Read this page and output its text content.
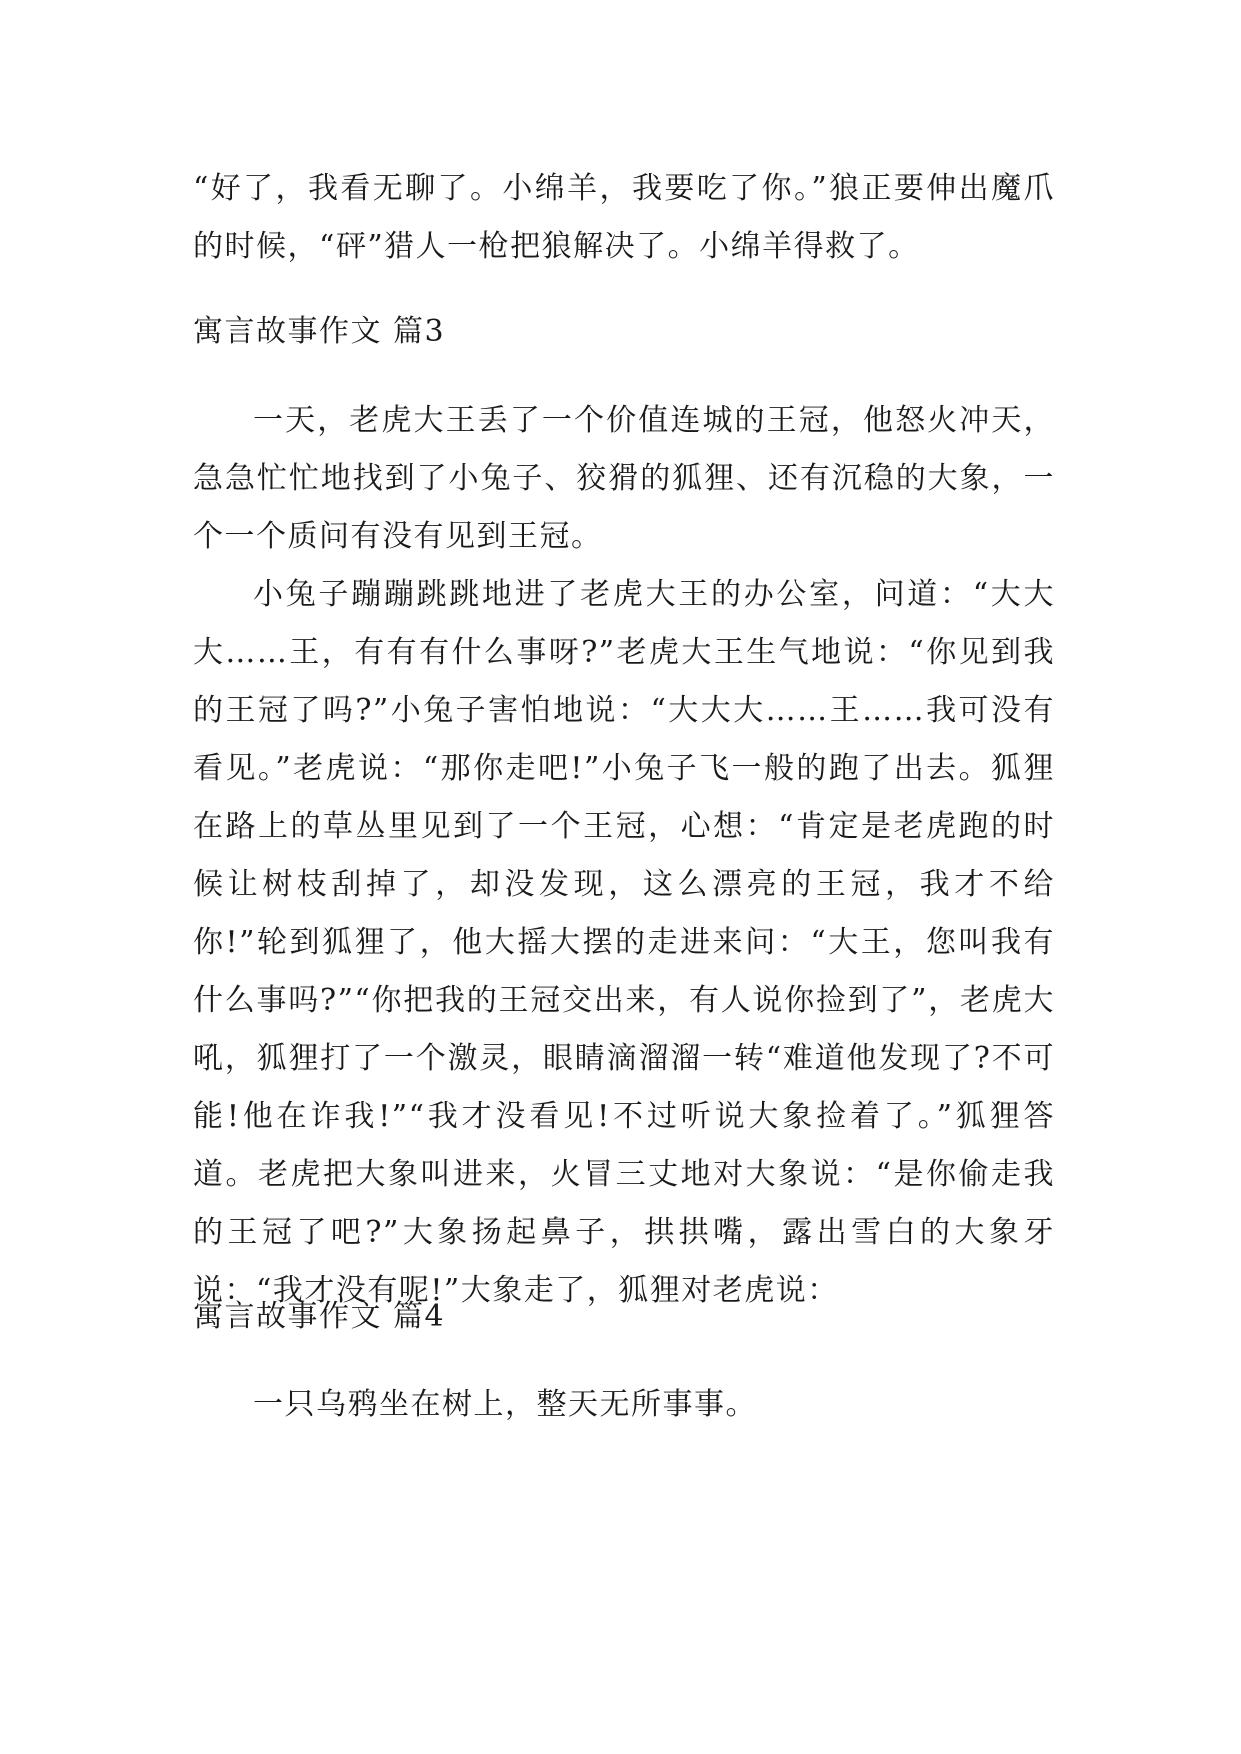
“好了，我看无聊了。小绵羊，我要吃了你。”狼正要伸出魔爪的时候，“砰”猎人一枪把狼解决了。小绵羊得救了。

寓言故事作文 篇3

一天，老虎大王丢了一个价值连城的王冠，他怒火冲天，急急忙忙地找到了小兔子、狡猾的狐狸、还有沉稳的大象，一个一个质问有没有见到王冠。

小兔子蹦蹦跳跳地进了老虎大王的办公室，问道：“大大大……王，有有有什么事呀?”老虎大王生气地说：“你见到我的王冠了吗?”小兔子害怕地说：“大大大……王……我可没有看见。”老虎说：“那你走吧!”小兔子飞一般的跑了出去。狐狸在路上的草丛里见到了一个王冠，心想：“肯定是老虎跑的时候让树枝刮掉了，却没发现，这么漂亮的王冠，我才不给你!”轮到狐狸了，他大摇大摆的走进来问：“大王，您叫我有什么事吗?”“你把我的王冠交出来，有人说你捡到了”，老虎大吼，狐狸打了一个激灵，眼睛滴溜溜一转“难道他发现了?不可能!他在诈我!”“我才没看见!不过听说大象捡着了。”狐狸答道。老虎把大象叫进来，火冒三丈地对大象说：“是你偷走我的王冠了吧?”大象扬起鼻子，拱拱嘴，露出雪白的大象牙说：“我才没有呢!”大象走了，狐狸对老虎说：

寓言故事作文 篇4

一只乌鸦坐在树上，整天无所事事。
